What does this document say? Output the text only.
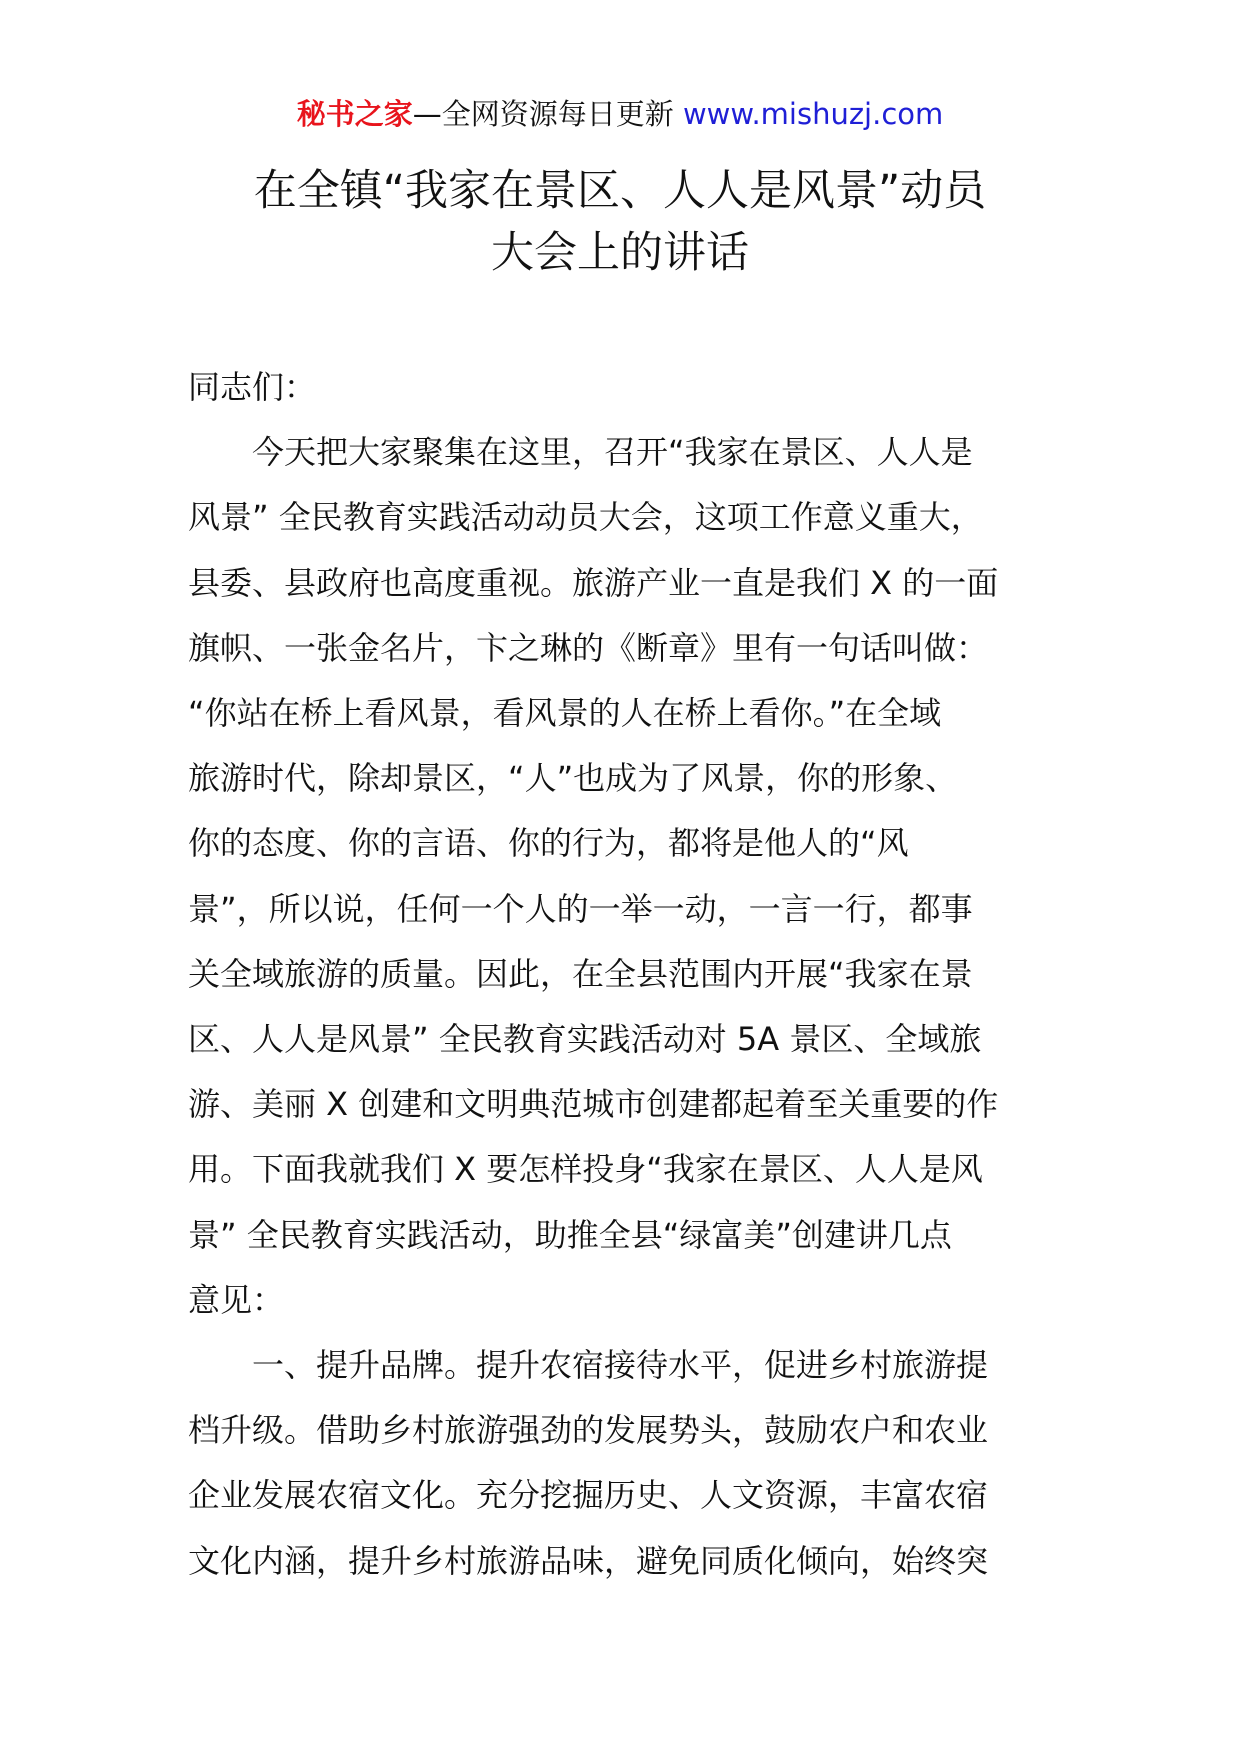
秘书之家—全网资源每日更新 www.mishuzj.com
在全镇“我家在景区、人人是风景”动员
大会上的讲话

同志们：

　　今天把大家聚集在这里，召开“我家在景区、人人是
风景” 全民教育实践活动动员大会，这项工作意义重大，
县委、县政府也高度重视。旅游产业一直是我们 X 的一面
旗帜、一张金名片，卞之琳的《断章》里有一句话叫做：
“你站在桥上看风景，看风景的人在桥上看你。”在全域
旅游时代，除却景区，“人”也成为了风景，你的形象、
你的态度、你的言语、你的行为，都将是他人的“风
景”，所以说，任何一个人的一举一动，一言一行，都事
关全域旅游的质量。因此，在全县范围内开展“我家在景
区、人人是风景” 全民教育实践活动对 5A 景区、全域旅
游、美丽 X 创建和文明典范城市创建都起着至关重要的作
用。下面我就我们 X 要怎样投身“我家在景区、人人是风
景” 全民教育实践活动，助推全县“绿富美”创建讲几点
意见：
　　一、提升品牌。提升农宿接待水平，促进乡村旅游提
档升级。借助乡村旅游强劲的发展势头，鼓励农户和农业
企业发展农宿文化。充分挖掘历史、人文资源，丰富农宿
文化内涵，提升乡村旅游品味，避免同质化倾向，始终突
